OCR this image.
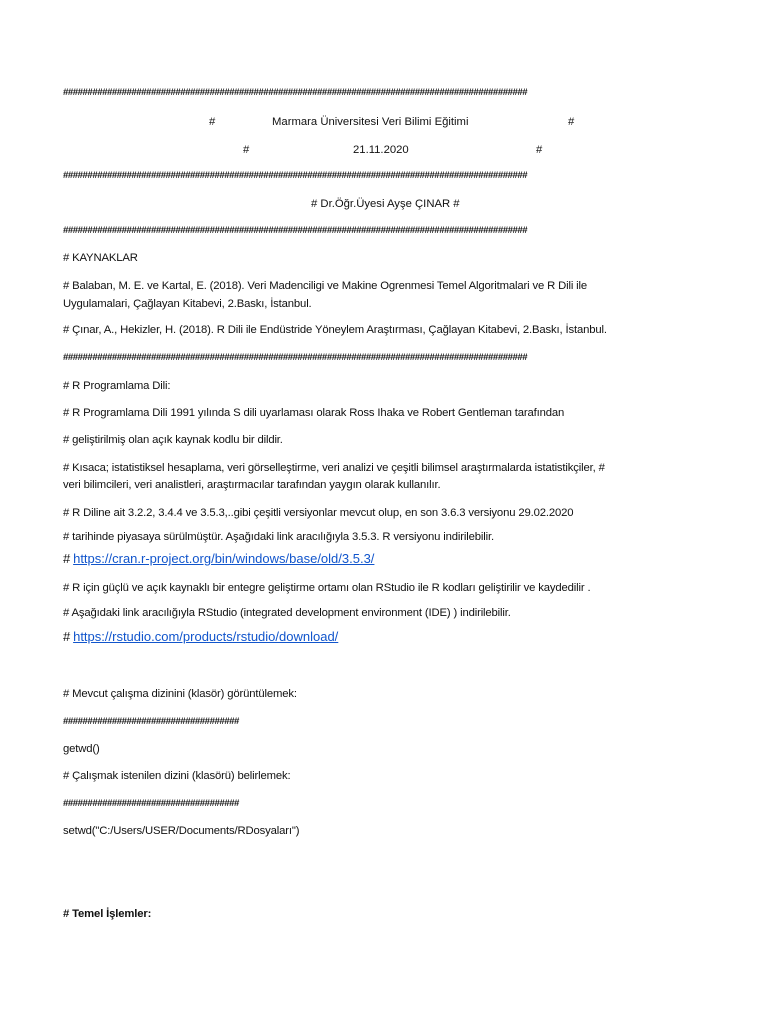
###############################################################################################
#	Marmara Üniversitesi Veri Bilimi Eğitimi	#
#	21.11.2020	#
###############################################################################################
# Dr.Öğr.Üyesi Ayşe ÇINAR #
###############################################################################################
# KAYNAKLAR
# Balaban, M. E. ve Kartal, E. (2018). Veri Madenciligi ve Makine Ogrenmesi Temel Algoritmalari ve R Dili ile
Uygulamalari, Çağlayan Kitabevi, 2.Baskı, İstanbul.
# Çınar, A., Hekizler, H. (2018). R Dili ile Endüstride Yöneylem Araştırması, Çağlayan Kitabevi, 2.Baskı, İstanbul.
###############################################################################################
# R Programlama Dili:
# R Programlama Dili 1991 yılında S dili uyarlaması olarak Ross Ihaka ve Robert Gentleman tarafından
# geliştirilmiş olan açık kaynak kodlu bir dildir.
# Kısaca; istatistiksel hesaplama, veri görselleştirme, veri analizi ve çeşitli bilimsel araştırmalarda istatistikçiler, #
veri bilimcileri, veri analistleri, araştırmacılar tarafından yaygın olarak kullanılır.
# R Diline ait 3.2.2, 3.4.4 ve 3.5.3,..gibi çeşitli versiyonlar mevcut olup, en son 3.6.3 versiyonu 29.02.2020
# tarihinde piyasaya sürülmüştür. Aşağıdaki link aracılığıyla 3.5.3. R versiyonu indirilebilir.
# https://cran.r-project.org/bin/windows/base/old/3.5.3/
# R için güçlü ve açık kaynaklı bir entegre geliştirme ortamı olan RStudio ile R kodları geliştirilir ve kaydedilir .
# Aşağıdaki link aracılığıyla RStudio (integrated development environment (IDE) ) indirilebilir.
# https://rstudio.com/products/rstudio/download/
# Mevcut çalışma dizinini (klasör) görüntülemek:
####################################
getwd()
# Çalışmak istenilen dizini (klasörü) belirlemek:
####################################
setwd("C:/Users/USER/Documents/RDosyaları")
# Temel İşlemler:
